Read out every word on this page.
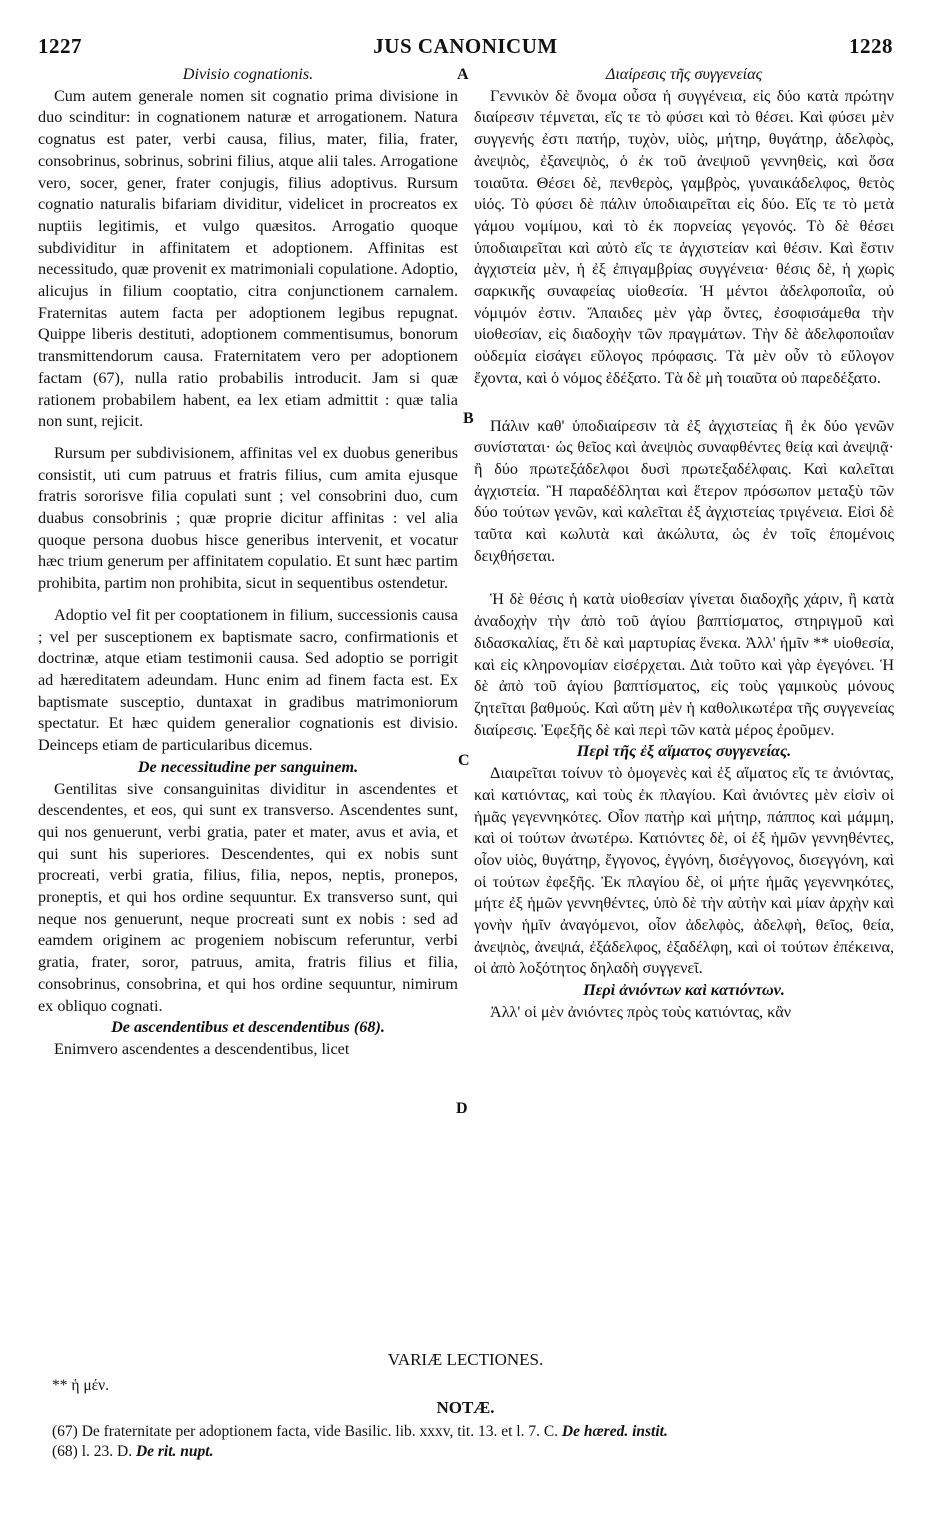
1227	JUS CANONICUM	1228
A
B
C
D

Divisio cognationis.

Cum autem generale nomen sit cognatio prima divisione in duo scinditur: in cognationem naturæ et arrogationem. Natura cognatus est pater, verbi causa, filius, mater, filia, frater, consobrinus, sobrinus, sobrini filius, atque alii tales. Arrogatione vero, socer, gener, frater conjugis, filius adoptivus. Rursum cognatio naturalis bifariam dividitur, videlicet in procreatos ex nuptiis legitimis, et vulgo quæsitos. Arrogatio quoque subdividitur in affinitatem et adoptionem. Affinitas est necessitudo, quæ provenit ex matrimoniali copulatione. Adoptio, alicujus in filium cooptatio, citra conjunctionem carnalem. Fraternitas autem facta per adoptionem legibus repugnat. Quippe liberis destituti, adoptionem commentisumus, bonorum transmittendorum causa. Fraternitatem vero per adoptionem factam (67), nulla ratio probabilis introducit. Jam si quæ rationem probabilem habent, ea lex etiam admittit : quæ talia non sunt, rejicit.

Rursum per subdivisionem, affinitas vel ex duobus generibus consistit, uti cum patruus et fratris filius, cum amita ejusque fratris sororisve filia copulati sunt ; vel consobrini duo, cum duabus consobrinis ; quæ proprie dicitur affinitas : vel alia quoque persona duobus hisce generibus intervenit, et vocatur hæc trium generum per affinitatem copulatio. Et sunt hæc partim prohibita, partim non prohibita, sicut in sequentibus ostendetur.

Adoptio vel fit per cooptationem in filium, successionis causa ; vel per susceptionem ex baptismate sacro, confirmationis et doctrinæ, atque etiam testimonii causa. Sed adoptio se porrigit ad hæreditatem adeundam. Hunc enim ad finem facta est. Ex baptismate susceptio, duntaxat in gradibus matrimoniorum spectatur. Et hæc quidem generalior cognationis est divisio. Deinceps etiam de particularibus dicemus.

De necessitudine per sanguinem.

Gentilitas sive consanguinitas dividitur in ascendentes et descendentes, et eos, qui sunt ex transverso. Ascendentes sunt, qui nos genuerunt, verbi gratia, pater et mater, avus et avia, et qui sunt his superiores. Descendentes, qui ex nobis sunt procreati, verbi gratia, filius, filia, nepos, neptis, pronepos, proneptis, et qui hos ordine sequuntur. Ex transverso sunt, qui neque nos genuerunt, neque procreati sunt ex nobis : sed ad eamdem originem ac progeniem nobiscum referuntur, verbi gratia, frater, soror, patruus, amita, fratris filius et filia, consobrinus, consobrina, et qui hos ordine sequuntur, nimirum ex obliquo cognati.

De ascendentibus et descendentibus (68).

Enimvero ascendentes a descendentibus, licet

Διαίρεσις τῆς συγγενείας

Γεννικὸν δὲ ὄνομα οὖσα ἡ συγγένεια, εἰς δύο κατὰ πρώτην διαίρεσιν τέμνεται, εἴς τε τὸ φύσει καὶ τὸ θέσει. Καὶ φύσει μὲν συγγενής ἐστι πατήρ, τυχὸν, υἱὸς, μήτηρ, θυγάτηρ, ἀδελφὸς, ἀνεψιὸς, ἐξανεψιὸς, ὁ ἐκ τοῦ ἀνεψιοῦ γεννηθεὶς, καὶ ὅσα τοιαῦτα. Θέσει δὲ, πενθερὸς, γαμβρὸς, γυναικάδελφος, θετὸς υἱός. Τὸ φύσει δὲ πάλιν ὑποδιαιρεῖται εἰς δύο. Εἴς τε τὸ μετὰ γάμου νομίμου, καὶ τὸ ἐκ πορνείας γεγονός. Τὸ δὲ θέσει ὑποδιαιρεῖται καὶ αὐτὸ εἴς τε ἀγχιστείαν καὶ θέσιν. Καὶ ἔστιν ἀγχιστεία μὲν, ἡ ἐξ ἐπιγαμβρίας συγγένεια· θέσις δὲ, ἡ χωρὶς σαρκικῆς συναφείας υἱοθεσία. Ἡ μέντοι ἀδελφοποιΐα, οὐ νόμιμόν ἐστιν. Ἄπαιδες μὲν γὰρ ὄντες, ἐσοφισάμεθα τὴν υἱοθεσίαν, εἰς διαδοχὴν τῶν πραγμάτων. Τὴν δὲ ἀδελφοποιΐαν οὐδεμία εἰσάγει εὔλογος πρόφασις. Τὰ μὲν οὖν τὸ εὔλογον ἔχοντα, καὶ ὁ νόμος ἐδέξατο. Τὰ δὲ μὴ τοιαῦτα οὐ παρεδέξατο.

Πάλιν καθ' ὑποδιαίρεσιν τὰ ἐξ ἀγχιστείας ἢ ἐκ δύο γενῶν συνίσταται· ὡς θεῖος καὶ ἀνεψιὸς συναφθέντες θείᾳ καὶ ἀνεψιᾷ· ἢ δύο πρωτεξάδελφοι δυσὶ πρωτεξαδέλφαις. Καὶ καλεῖται ἀγχιστεία. Ἢ παραδέδληται καὶ ἕτερον πρόσωπον μεταξὺ τῶν δύο τούτων γενῶν, καὶ καλεῖται ἐξ ἀγχιστείας τριγένεια. Εἰσὶ δὲ ταῦτα καὶ κωλυτὰ καὶ ἀκώλυτα, ὡς ἐν τοῖς ἑπομένοις δειχθήσεται.

Ἡ δὲ θέσις ἡ κατὰ υἱοθεσίαν γίνεται διαδοχῆς χάριν, ἢ κατὰ ἀναδοχὴν τὴν ἀπὸ τοῦ ἁγίου βαπτίσματος, στηριγμοῦ καὶ διδασκαλίας, ἔτι δὲ καὶ μαρτυρίας ἕνεκα. Ἀλλ' ἡμῖν ** υἱοθεσία, καὶ εἰς κληρονομίαν εἰσέρχεται. Διὰ τοῦτο καὶ γὰρ ἐγεγόνει. Ἡ δὲ ἀπὸ τοῦ ἁγίου βαπτίσματος, εἰς τοὺς γαμικοὺς μόνους ζητεῖται βαθμούς. Καὶ αὕτη μὲν ἡ καθολικωτέρα τῆς συγγενείας διαίρεσις. Ἐφεξῆς δὲ καὶ περὶ τῶν κατὰ μέρος ἐροῦμεν.

Περὶ τῆς ἐξ αἵματος συγγενείας.

Διαιρεῖται τοίνυν τὸ ὁμογενὲς καὶ ἐξ αἵματος εἴς τε ἀνιόντας, καὶ κατιόντας, καὶ τοὺς ἐκ πλαγίου. Καὶ ἀνιόντες μὲν εἰσὶν οἱ ἡμᾶς γεγεννηκότες. Οἷον πατὴρ καὶ μήτηρ, πάππος καὶ μάμμη, καὶ οἱ τούτων ἀνωτέρω. Κατιόντες δὲ, οἱ ἐξ ἡμῶν γεννηθέντες, οἷον υἱὸς, θυγάτηρ, ἔγγονος, ἐγγόνη, δισέγγονος, δισεγγόνη, καὶ οἱ τούτων ἐφεξῆς. Ἐκ πλαγίου δὲ, οἱ μήτε ἡμᾶς γεγεννηκότες, μήτε ἐξ ἡμῶν γεννηθέντες, ὑπὸ δὲ τὴν αὐτὴν καὶ μίαν ἀρχὴν καὶ γονὴν ἡμῖν ἀναγόμενοι, οἷον ἀδελφὸς, ἀδελφὴ, θεῖος, θεία, ἀνεψιὸς, ἀνεψιά, ἐξάδελφος, ἐξαδέλφη, καὶ οἱ τούτων ἐπέκεινα, οἱ ἀπὸ λοξότητος δηλαδὴ συγγενεῖ.

Περὶ ἀνιόντων καὶ κατιόντων.

Ἀλλ' οἱ μὲν ἀνιόντες πρὸς τοὺς κατιόντας, κἂν

VARIÆ LECTIONES.
** ἡ μέν.
NOTÆ.
(67) De fraternitate per adoptionem facta, vide Basilic. lib. xxxv, tit. 13. et l. 7. C. De hæred. instit.
(68) l. 23. D. De rit. nupt.
